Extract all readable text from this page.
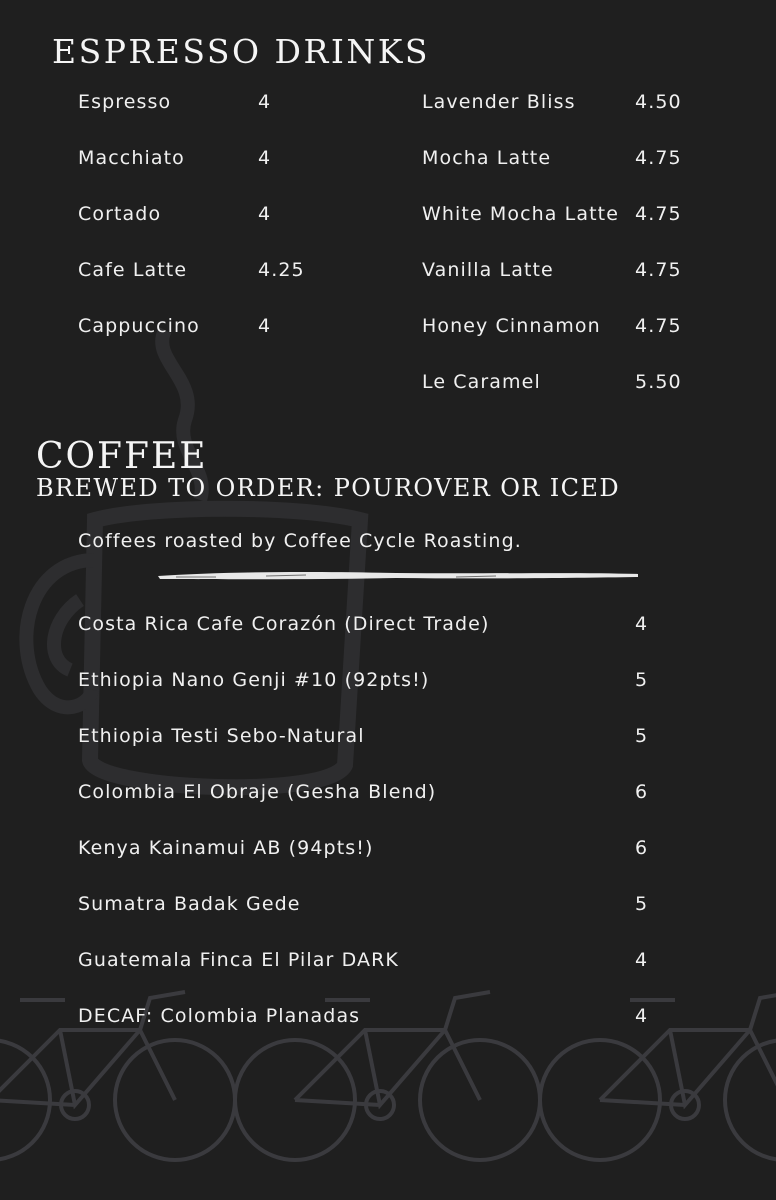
ESPRESSO DRINKS
Espresso	4
Macchiato	4
Cortado	4
Cafe Latte	4.25
Cappuccino	4
Lavender Bliss	4.50
Mocha Latte	4.75
White Mocha Latte 4.75
Vanilla Latte	4.75
Honey Cinnamon 4.75
Le Caramel	5.50
COFFEE
BREWED TO ORDER: POUROVER OR ICED
Coffees roasted by Coffee Cycle Roasting.
Costa Rica Cafe Corazón (Direct Trade)	4
Ethiopia Nano Genji #10 (92pts!)	5
Ethiopia Testi Sebo-Natural	5
Colombia El Obraje (Gesha Blend)	6
Kenya Kainamui AB (94pts!)	6
Sumatra Badak Gede	5
Guatemala Finca El Pilar DARK	4
DECAF: Colombia Planadas	4
